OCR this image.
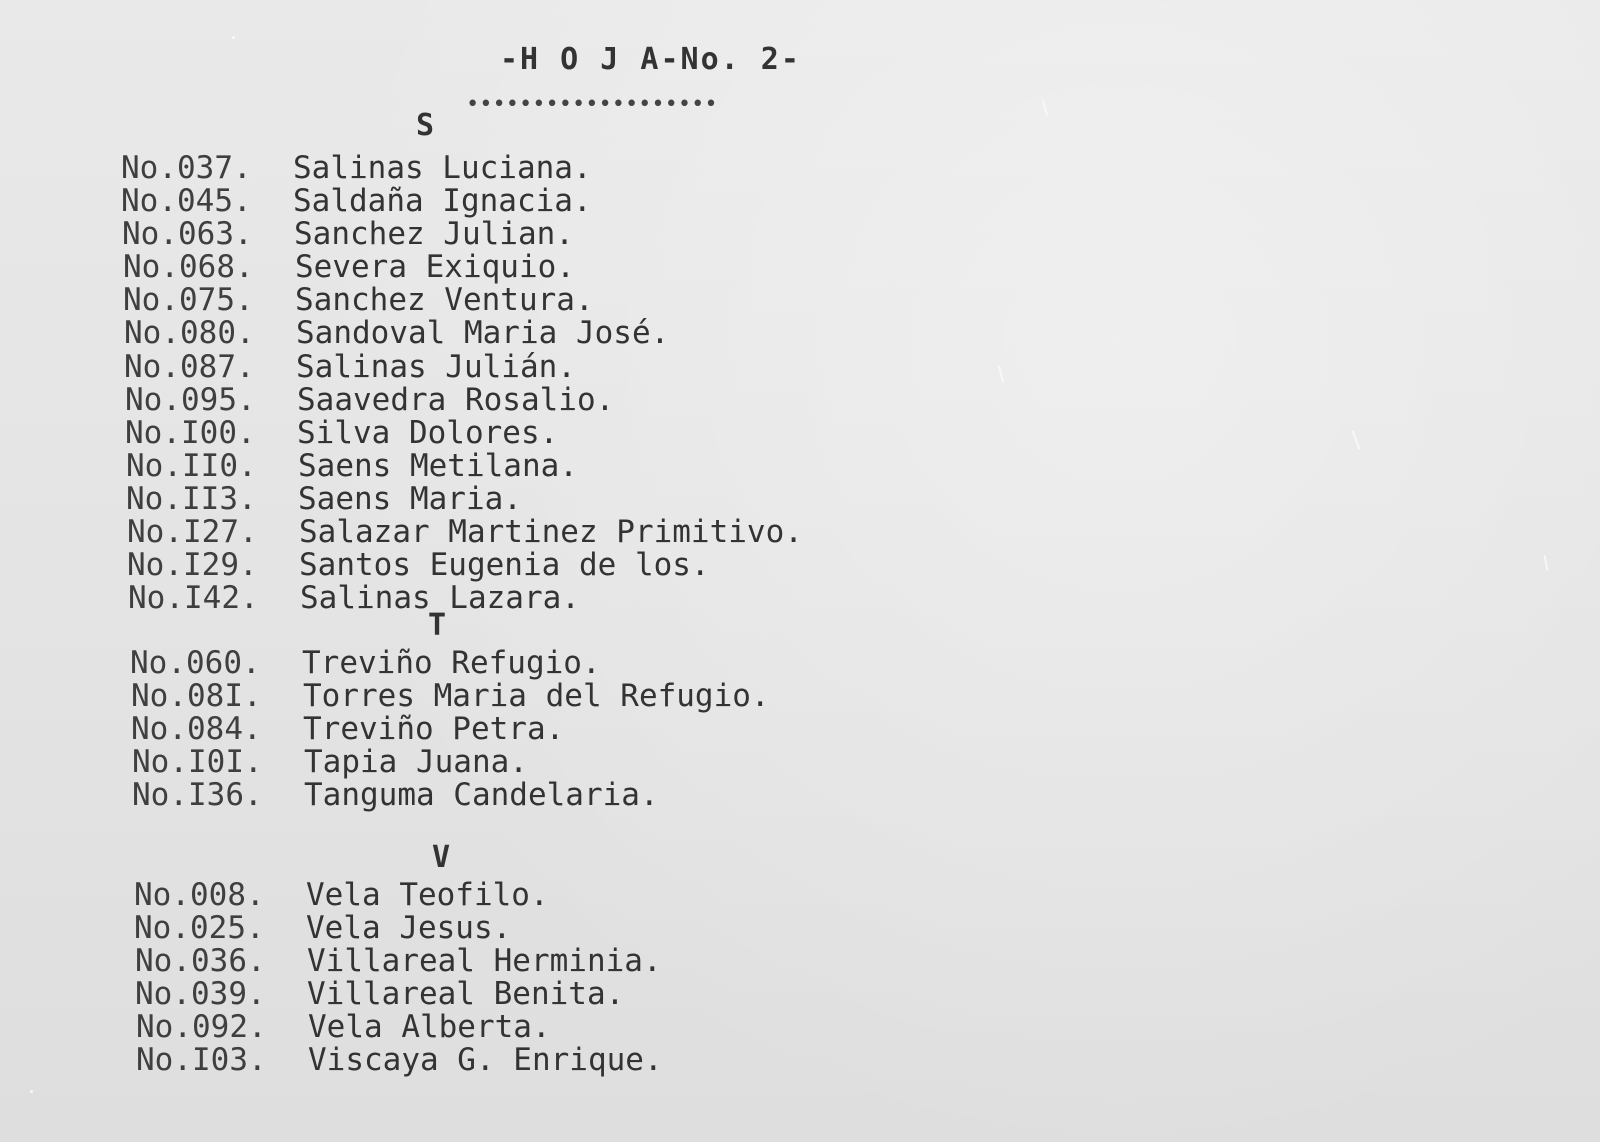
-H O J A-No. 2-
•••••••••••••••••••
S
No.037. Salinas Luciana.
No.045. Saldaña Ignacia.
No.063. Sanchez Julian.
No.068. Severa Exiquio.
No.075. Sanchez Ventura.
No.080. Sandoval Maria José.
No.087. Salinas Julián.
No.095. Saavedra Rosalio.
No.I00. Silva Dolores.
No.II0. Saens Metilana.
No.II3. Saens Maria.
No.I27. Salazar Martinez Primitivo.
No.I29. Santos Eugenia de los.
No.I42. Salinas Lazara.
T
No.060. Treviño Refugio.
No.08I. Torres Maria del Refugio.
No.084. Treviño Petra.
No.I0I. Tapia Juana.
No.I36. Tanguma Candelaria.
V
No.008. Vela Teofilo.
No.025. Vela Jesus.
No.036. Villareal Herminia.
No.039. Villareal Benita.
No.092. Vela Alberta.
No.I03. Viscaya G. Enrique.
